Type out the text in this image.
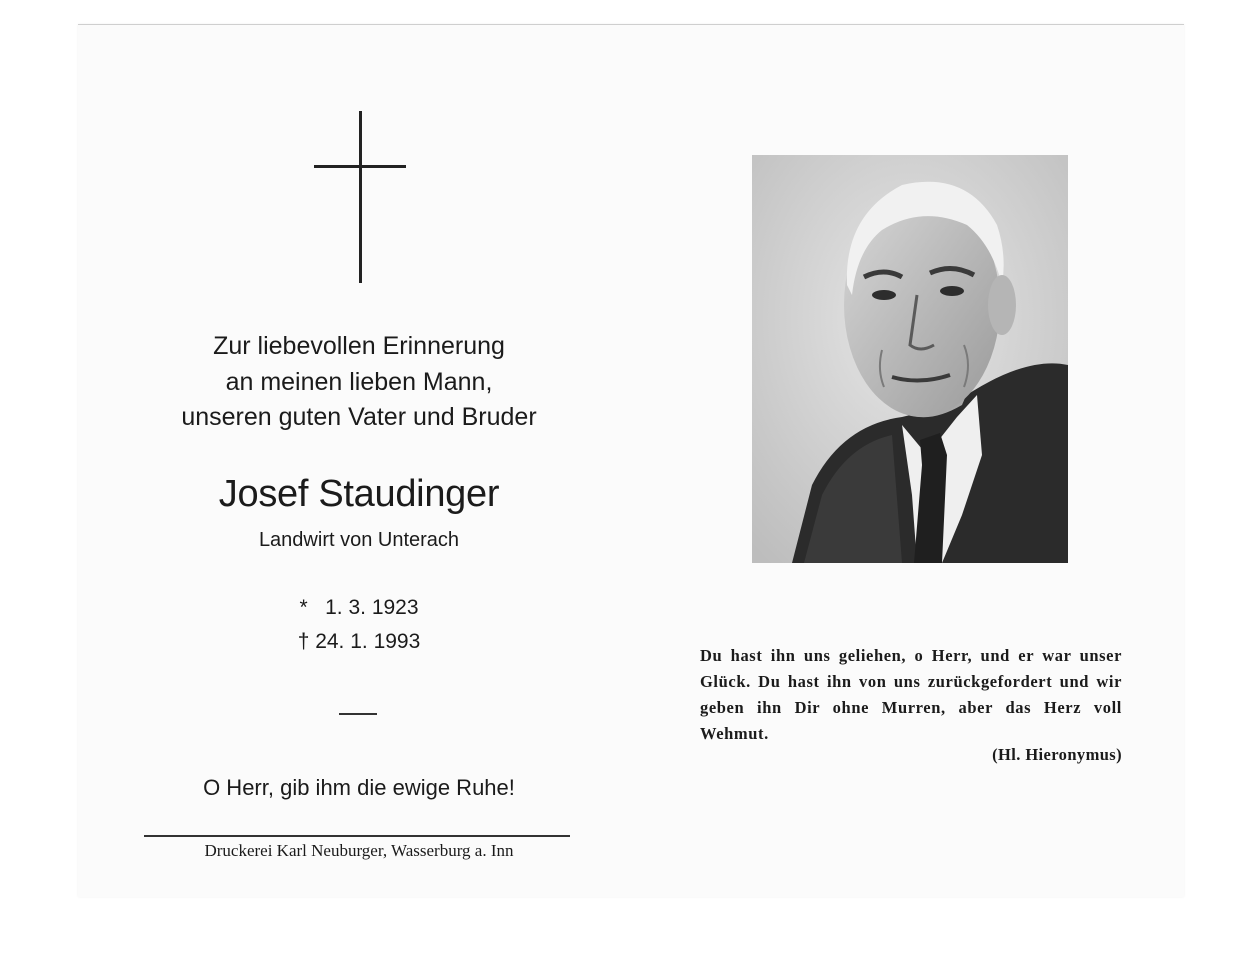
Zur liebevollen Erinnerung
an meinen lieben Mann,
unseren guten Vater und Bruder
Josef Staudinger
Landwirt von Unterach
*   1. 3. 1923
† 24. 1. 1993
O Herr, gib ihm die ewige Ruhe!
Druckerei Karl Neuburger, Wasserburg a. Inn
Du hast ihn uns geliehen, o Herr, und er war unser Glück. Du hast ihn von uns zurückgefordert und wir geben ihn Dir ohne Murren, aber das Herz voll Wehmut.
(Hl. Hieronymus)
